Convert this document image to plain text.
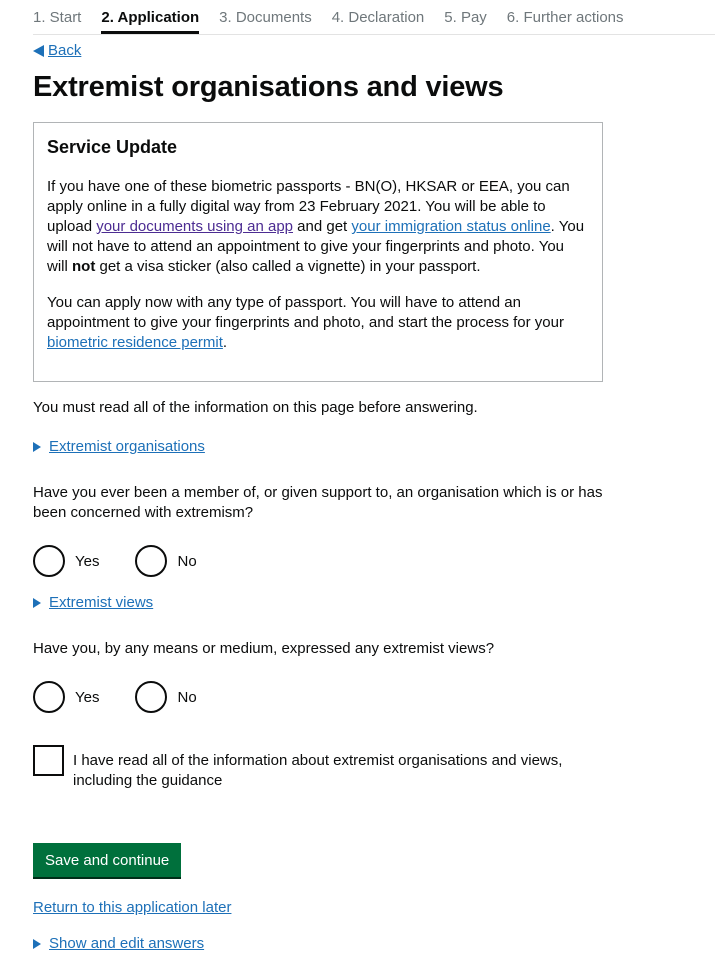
1. Start 2. Application 3. Documents 4. Declaration 5. Pay 6. Further actions
Back
Extremist organisations and views
Service Update

If you have one of these biometric passports - BN(O), HKSAR or EEA, you can apply online in a fully digital way from 23 February 2021. You will be able to upload your documents using an app and get your immigration status online. You will not have to attend an appointment to give your fingerprints and photo. You will not get a visa sticker (also called a vignette) in your passport.

You can apply now with any type of passport. You will have to attend an appointment to give your fingerprints and photo, and start the process for your biometric residence permit.

You must read all of the information on this page before answering.
Extremist organisations
Have you ever been a member of, or given support to, an organisation which is or has been concerned with extremism?
Yes	No
Extremist views
Have you, by any means or medium, expressed any extremist views?
Yes	No
I have read all of the information about extremist organisations and views, including the guidance
Save and continue
Return to this application later
Show and edit answers
